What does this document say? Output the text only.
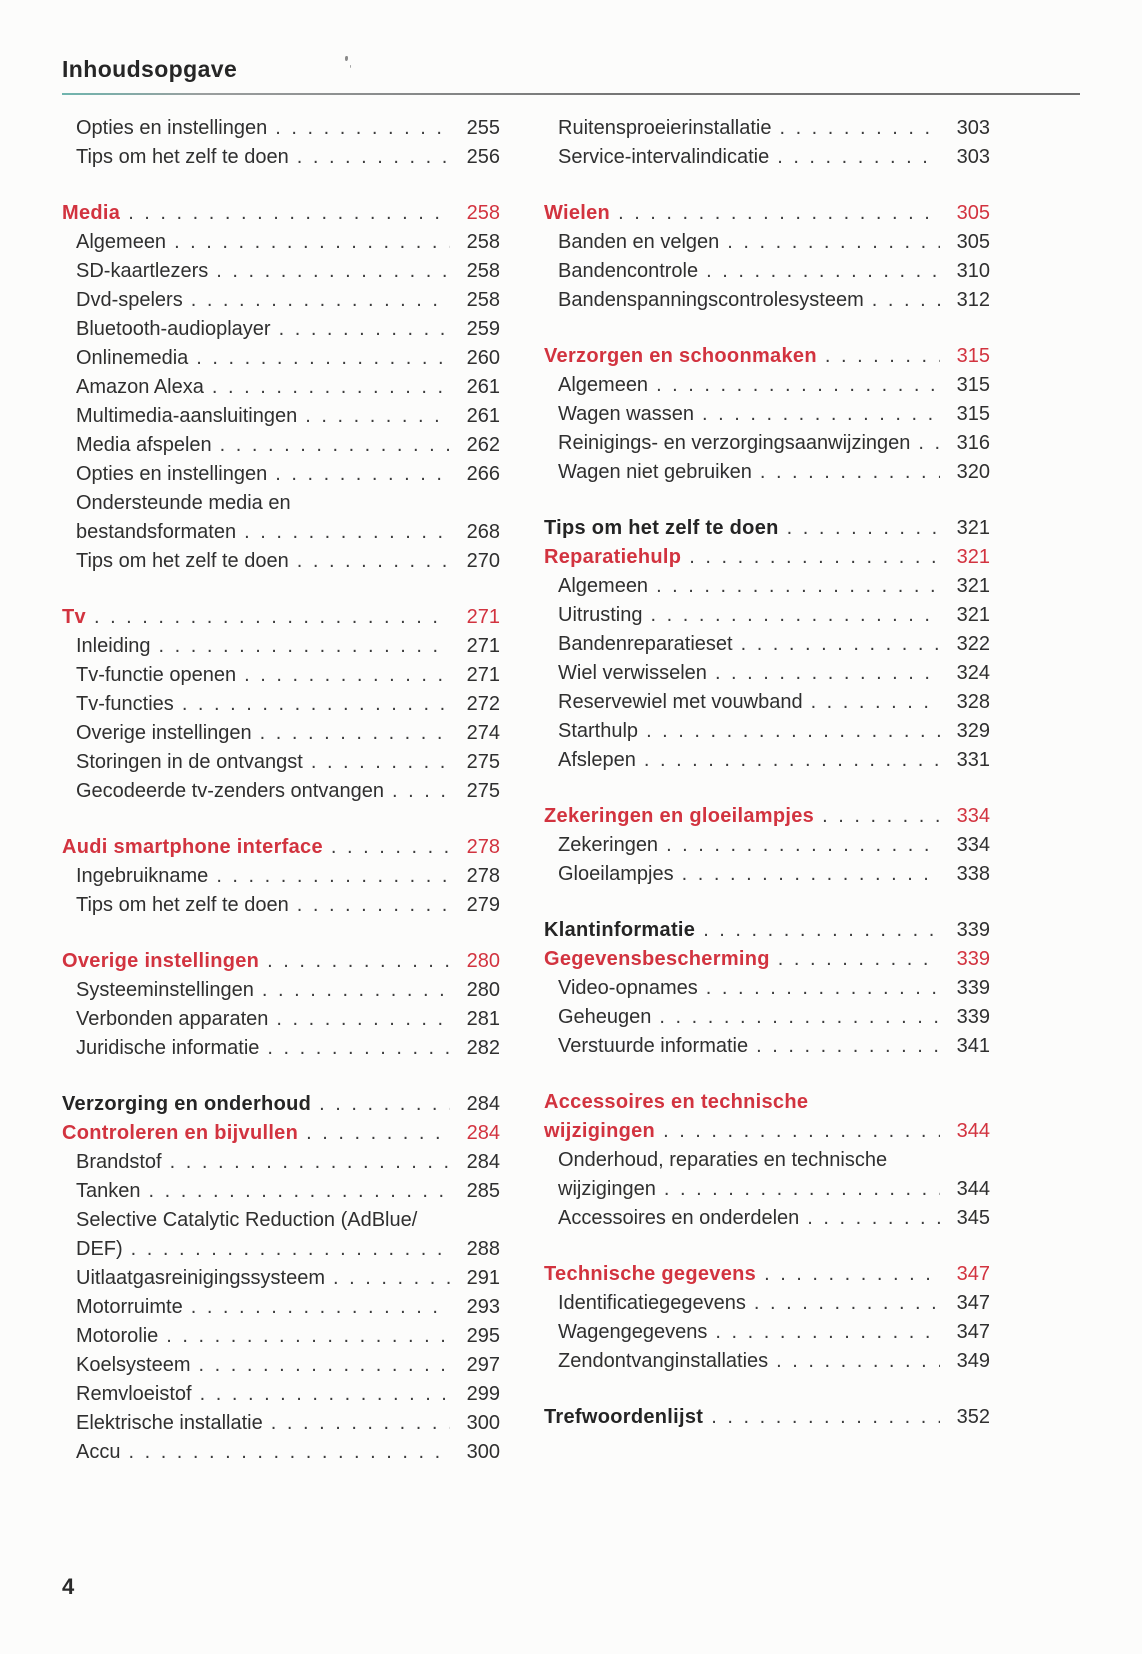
Inhoudsopgave
Opties en instellingen . . .	255
Tips om het zelf te doen . . .	256
Media . . .	258
Algemeen . . .	258
SD-kaartlezers . . .	258
Dvd-spelers . . .	258
Bluetooth-audioplayer . . .	259
Onlinemedia . . .	260
Amazon Alexa . . .	261
Multimedia-aansluitingen . . .	261
Media afspelen . . .	262
Opties en instellingen . . .	266
Ondersteunde media en
bestandsformaten . . .	268
Tips om het zelf te doen . . .	270
Tv . . .	271
Inleiding . . .	271
Tv-functie openen . . .	271
Tv-functies . . .	272
Overige instellingen . . .	274
Storingen in de ontvangst . . .	275
Gecodeerde tv-zenders ontvangen . . .	275
Audi smartphone interface . . .	278
Ingebruikname . . .	278
Tips om het zelf te doen . . .	279
Overige instellingen . . .	280
Systeeminstellingen . . .	280
Verbonden apparaten . . .	281
Juridische informatie . . .	282
Verzorging en onderhoud . . .	284
Controleren en bijvullen . . .	284
Brandstof . . .	284
Tanken . . .	285
Selective Catalytic Reduction (AdBlue/
DEF) . . .	288
Uitlaatgasreinigingssysteem . . .	291
Motorruimte . . .	293
Motorolie . . .	295
Koelsysteem . . .	297
Remvloeistof . . .	299
Elektrische installatie . . .	300
Accu . . .	300
Ruitensproeierinstallatie . . .	303
Service-intervalindicatie . . .	303
Wielen . . .	305
Banden en velgen . . .	305
Bandencontrole . . .	310
Bandenspanningscontrolesysteem . . .	312
Verzorgen en schoonmaken . . .	315
Algemeen . . .	315
Wagen wassen . . .	315
Reinigings- en verzorgingsaanwijzingen . . .	316
Wagen niet gebruiken . . .	320
Tips om het zelf te doen . . .	321
Reparatiehulp . . .	321
Algemeen . . .	321
Uitrusting . . .	321
Bandenreparatieset . . .	322
Wiel verwisselen . . .	324
Reservewiel met vouwband . . .	328
Starthulp . . .	329
Afslepen . . .	331
Zekeringen en gloeilampjes . . .	334
Zekeringen . . .	334
Gloeilampjes . . .	338
Klantinformatie . . .	339
Gegevensbescherming . . .	339
Video-opnames . . .	339
Geheugen . . .	339
Verstuurde informatie . . .	341
Accessoires en technische
wijzigingen . . .	344
Onderhoud, reparaties en technische
wijzigingen . . .	344
Accessoires en onderdelen . . .	345
Technische gegevens . . .	347
Identificatiegegevens . . .	347
Wagengegevens . . .	347
Zendontvanginstallaties . . .	349
Trefwoordenlijst . . .	352
4
